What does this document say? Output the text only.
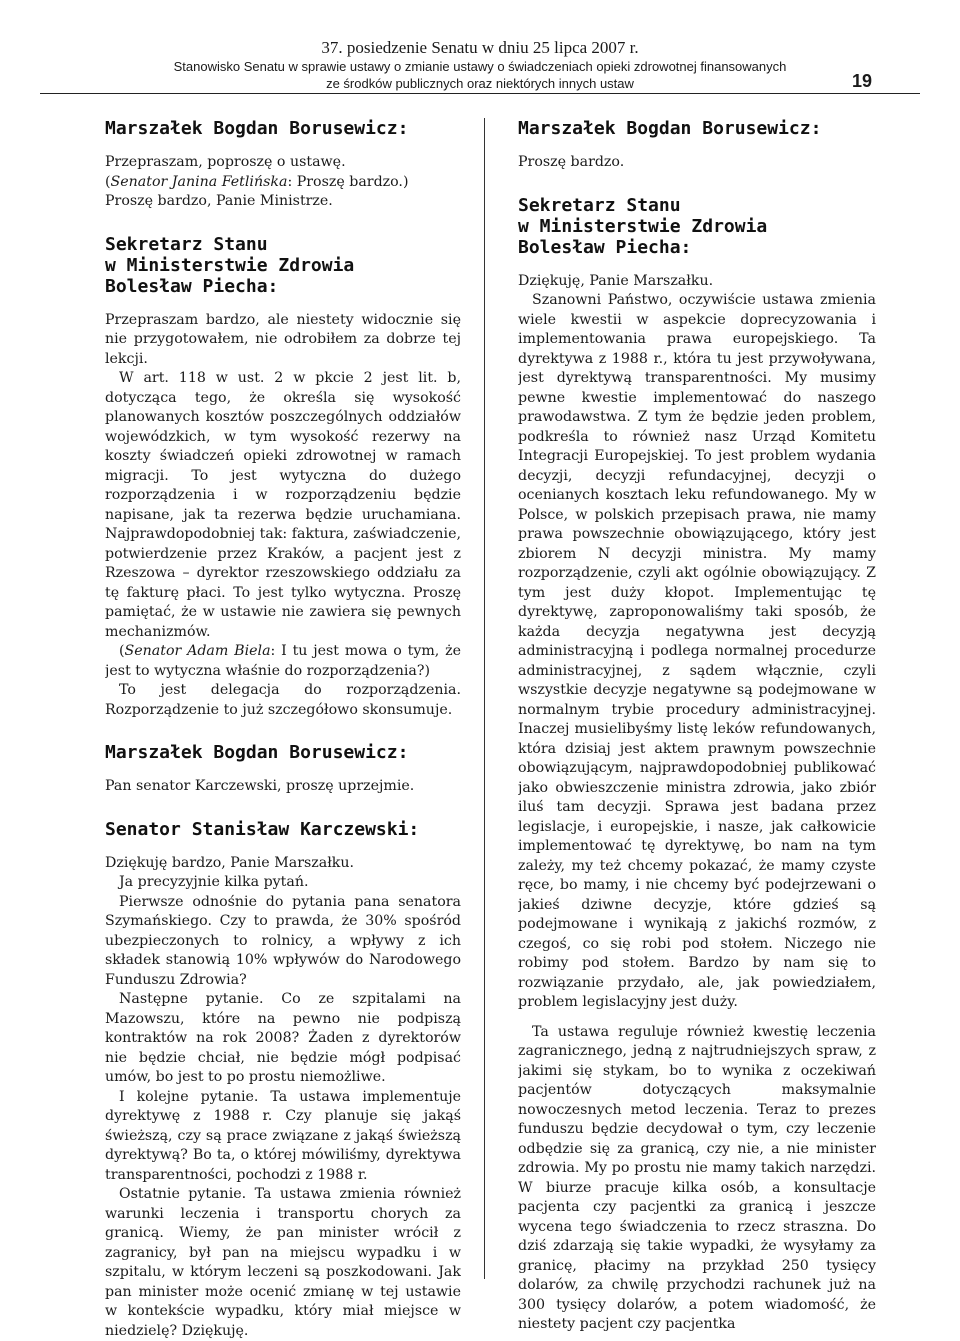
37. posiedzenie Senatu w dniu 25 lipca 2007 r.
Stanowisko Senatu w sprawie ustawy o zmianie ustawy o świadczeniach opieki zdrowotnej finansowanych
ze środków publicznych oraz niektórych innych ustaw	19
Marszałek Bogdan Borusewicz:

Przepraszam, poproszę o ustawę.

(Senator Janina Fetlińska: Proszę bardzo.)

Proszę bardzo, Panie Ministrze.

Sekretarz Stanu
w Ministerstwie Zdrowia
Bolesław Piecha:

Przepraszam bardzo, ale niestety widocznie się nie przygotowałem, nie odrobiłem za dobrze tej lekcji.

W art. 118 w ust. 2 w pkcie 2 jest lit. b, dotycząca tego, że określa się wysokość planowanych kosztów poszczególnych oddziałów wojewódzkich, w tym wysokość rezerwy na koszty świadczeń opieki zdrowotnej w ramach migracji. To jest wytyczna do dużego rozporządzenia i w rozporządzeniu będzie napisane, jak ta rezerwa będzie uruchamiana. Najprawdopodobniej tak: faktura, zaświadczenie, potwierdzenie przez Kraków, a pacjent jest z Rzeszowa – dyrektor rzeszowskiego oddziału za tę fakturę płaci. To jest tylko wytyczna. Proszę pamiętać, że w ustawie nie zawiera się pewnych mechanizmów.

(Senator Adam Biela: I tu jest mowa o tym, że jest to wytyczna właśnie do rozporządzenia?)

To jest delegacja do rozporządzenia. Rozporządzenie to już szczegółowo skonsumuje.

Marszałek Bogdan Borusewicz:

Pan senator Karczewski, proszę uprzejmie.

Senator Stanisław Karczewski:

Dziękuję bardzo, Panie Marszałku.

Ja precyzyjnie kilka pytań.

Pierwsze odnośnie do pytania pana senatora Szymańskiego. Czy to prawda, że 30% spośród ubezpieczonych to rolnicy, a wpływy z ich składek stanowią 10% wpływów do Narodowego Funduszu Zdrowia?

Następne pytanie. Co ze szpitalami na Mazowszu, które na pewno nie podpiszą kontraktów na rok 2008? Żaden z dyrektorów nie będzie chciał, nie będzie mógł podpisać umów, bo jest to po prostu niemożliwe.

I kolejne pytanie. Ta ustawa implementuje dyrektywę z 1988 r. Czy planuje się jakąś świeższą, czy są prace związane z jakąś świeższą dyrektywą? Bo ta, o której mówiliśmy, dyrektywa transparentności, pochodzi z 1988 r.

Ostatnie pytanie. Ta ustawa zmienia również warunki leczenia i transportu chorych za granicą. Wiemy, że pan minister wrócił z zagranicy, był pan na miejscu wypadku i w szpitalu, w którym leczeni są poszkodowani. Jak pan minister może ocenić zmianę w tej ustawie w kontekście wypadku, który miał miejsce w niedzielę? Dziękuję.

Marszałek Bogdan Borusewicz:

Proszę bardzo.

Sekretarz Stanu
w Ministerstwie Zdrowia
Bolesław Piecha:

Dziękuję, Panie Marszałku.

Szanowni Państwo, oczywiście ustawa zmienia wiele kwestii w aspekcie doprecyzowania i implementowania prawa europejskiego. Ta dyrektywa z 1988 r., która tu jest przywoływana, jest dyrektywą transparentności. My musimy pewne kwestie implementować do naszego prawodawstwa. Z tym że będzie jeden problem, podkreśla to również nasz Urząd Komitetu Integracji Europejskiej. To jest problem wydania decyzji, decyzji refundacyjnej, decyzji o ocenianych kosztach leku refundowanego. My w Polsce, w polskich przepisach prawa, nie mamy prawa powszechnie obowiązującego, który jest zbiorem N decyzji ministra. My mamy rozporządzenie, czyli akt ogólnie obowiązujący. Z tym jest duży kłopot. Implementując tę dyrektywę, zaproponowaliśmy taki sposób, że każda decyzja negatywna jest decyzją administracyjną i podlega normalnej procedurze administracyjnej, z sądem włącznie, czyli wszystkie decyzje negatywne są podejmowane w normalnym trybie procedury administracyjnej. Inaczej musielibyśmy listę leków refundowanych, która dzisiaj jest aktem prawnym powszechnie obowiązującym, najprawdopodobniej publikować jako obwieszczenie ministra zdrowia, jako zbiór iluś tam decyzji. Sprawa jest badana przez legislacje, i europejskie, i nasze, jak całkowicie implementować tę dyrektywę, bo nam na tym zależy, my też chcemy pokazać, że mamy czyste ręce, bo mamy, i nie chcemy być podejrzewani o jakieś dziwne decyzje, które gdzieś są podejmowane i wynikają z jakichś rozmów, z czegoś, co się robi pod stołem. Niczego nie robimy pod stołem. Bardzo by nam się to rozwiązanie przydało, ale, jak powiedziałem, problem legislacyjny jest duży.

Ta ustawa reguluje również kwestię leczenia zagranicznego, jedną z najtrudniejszych spraw, z jakimi się stykam, bo to wynika z oczekiwań pacjentów dotyczących maksymalnie nowoczesnych metod leczenia. Teraz to prezes funduszu będzie decydował o tym, czy leczenie odbędzie się za granicą, czy nie, a nie minister zdrowia. My po prostu nie mamy takich narzędzi. W biurze pracuje kilka osób, a konsultacje pacjenta czy pacjentki za granicą i jeszcze wycena tego świadczenia to rzecz straszna. Do dziś zdarzają się takie wypadki, że wysyłamy za granicę, płacimy na przykład 250 tysięcy dolarów, za chwilę przychodzi rachunek już na 300 tysięcy dolarów, a potem wiadomość, że niestety pacjent czy pacjentka
